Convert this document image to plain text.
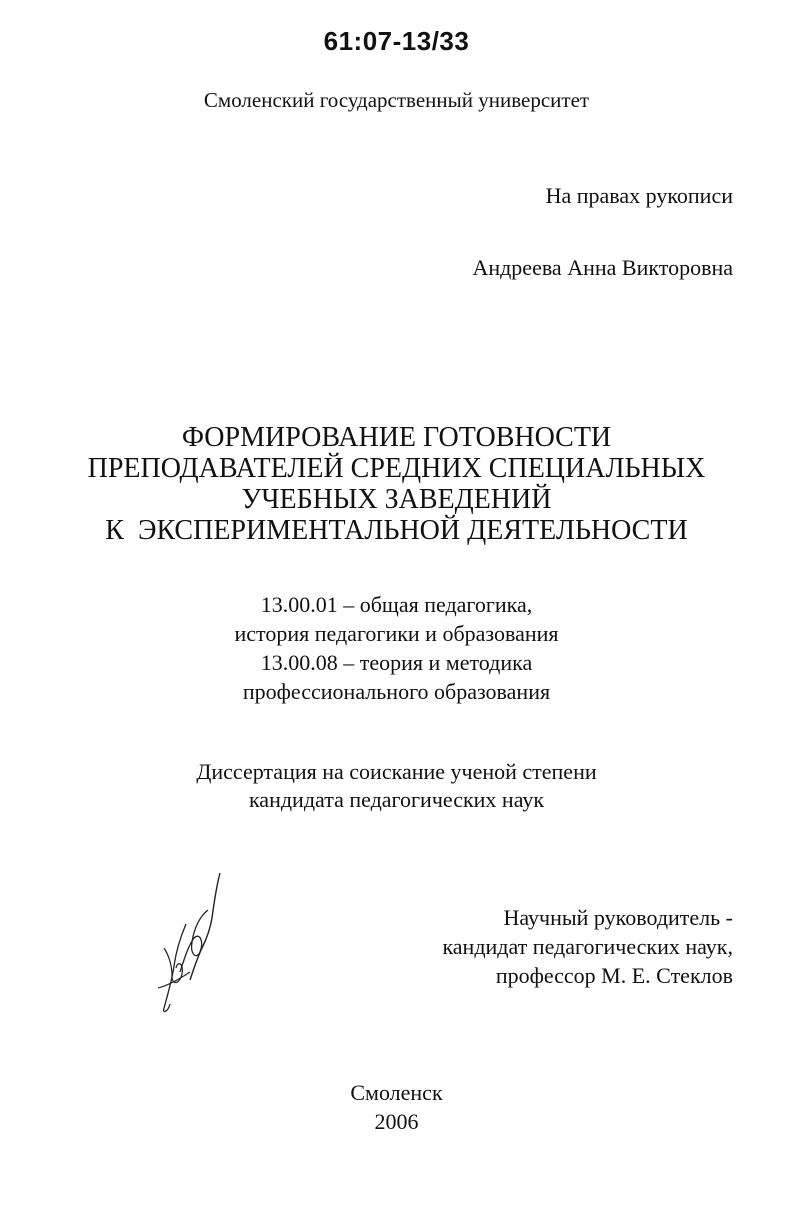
61:07-13/33
Смоленский государственный университет
На правах рукописи
Андреева Анна Викторовна
ФОРМИРОВАНИЕ ГОТОВНОСТИ
ПРЕПОДАВАТЕЛЕЙ СРЕДНИХ СПЕЦИАЛЬНЫХ
УЧЕБНЫХ ЗАВЕДЕНИЙ
К  ЭКСПЕРИМЕНТАЛЬНОЙ ДЕЯТЕЛЬНОСТИ
13.00.01 – общая педагогика,
история педагогики и образования
13.00.08 – теория и методика
профессионального образования
Диссертация на соискание ученой степени
кандидата педагогических наук
Научный руководитель -
кандидат педагогических наук,
профессор М. Е. Стеклов
Смоленск
2006
